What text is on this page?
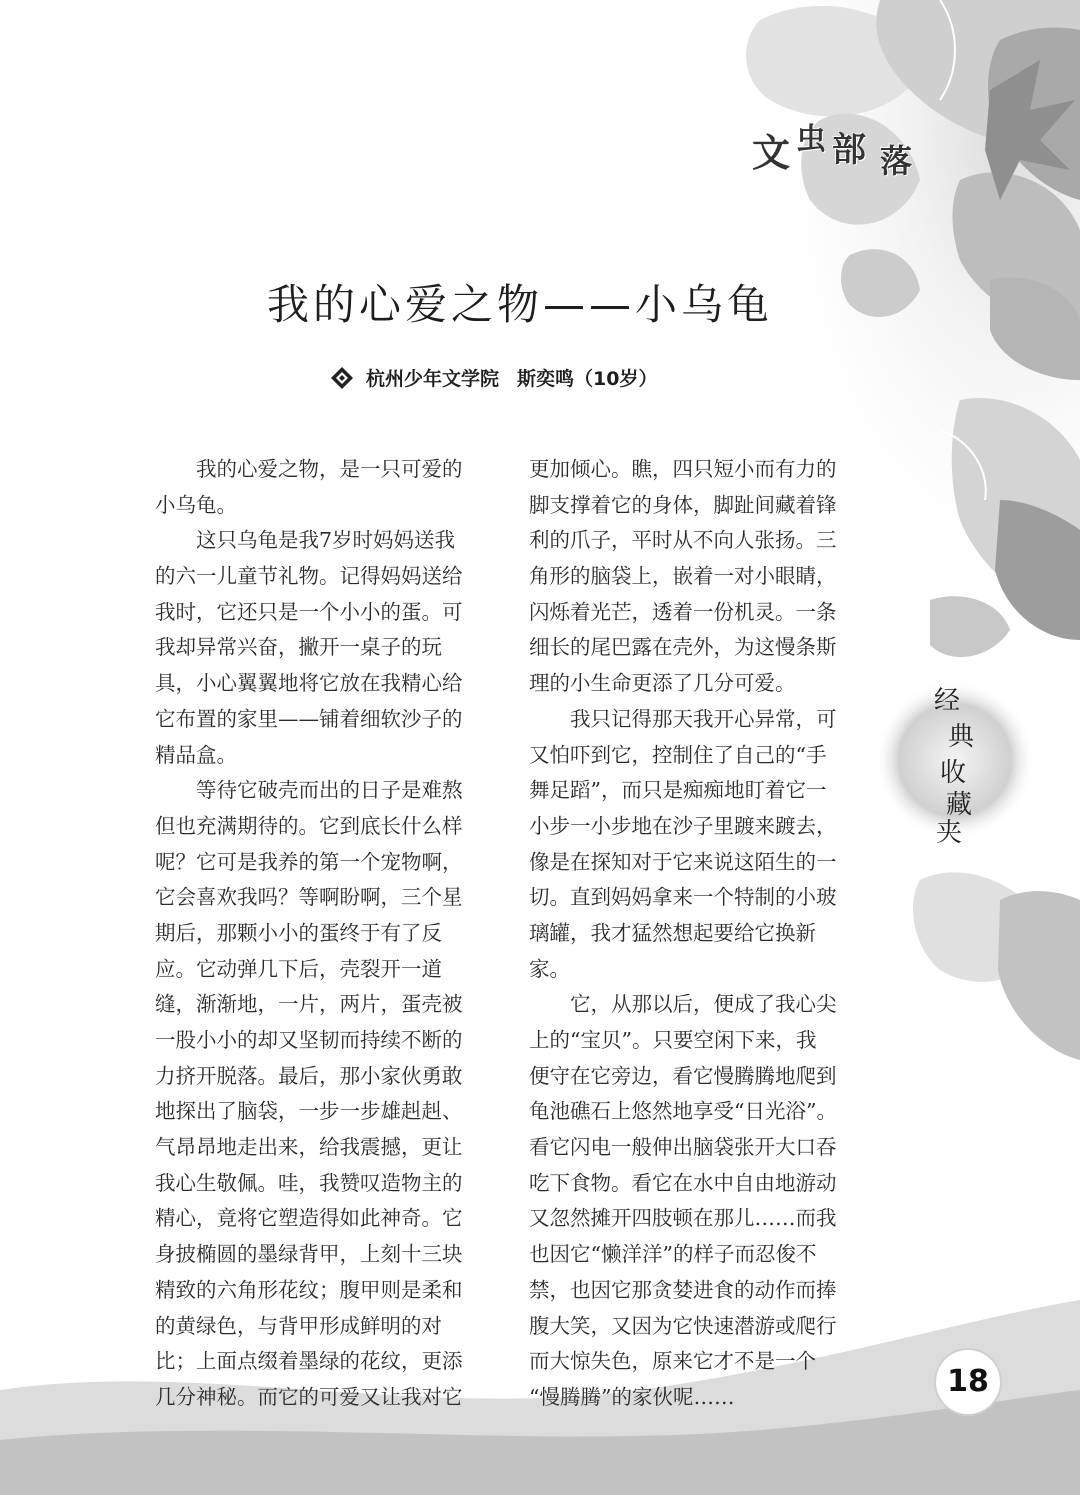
文 虫 部 落
我的心爱之物——小乌龟
杭州少年文学院 斯奕鸣（10岁）
　　我的心爱之物，是一只可爱的
小乌龟。
　　这只乌龟是我7岁时妈妈送我
的六一儿童节礼物。记得妈妈送给
我时，它还只是一个小小的蛋。可
我却异常兴奋，撇开一桌子的玩
具，小心翼翼地将它放在我精心给
它布置的家里——铺着细软沙子的
精品盒。
　　等待它破壳而出的日子是难熬
但也充满期待的。它到底长什么样
呢？它可是我养的第一个宠物啊，
它会喜欢我吗？等啊盼啊，三个星
期后，那颗小小的蛋终于有了反
应。它动弹几下后，壳裂开一道
缝，渐渐地，一片，两片，蛋壳被
一股小小的却又坚韧而持续不断的
力挤开脱落。最后，那小家伙勇敢
地探出了脑袋，一步一步雄赳赳、
气昂昂地走出来，给我震撼，更让
我心生敬佩。哇，我赞叹造物主的
精心，竟将它塑造得如此神奇。它
身披椭圆的墨绿背甲，上刻十三块
精致的六角形花纹；腹甲则是柔和
的黄绿色，与背甲形成鲜明的对
比；上面点缀着墨绿的花纹，更添
几分神秘。而它的可爱又让我对它
更加倾心。瞧，四只短小而有力的
脚支撑着它的身体，脚趾间藏着锋
利的爪子，平时从不向人张扬。三
角形的脑袋上，嵌着一对小眼睛，
闪烁着光芒，透着一份机灵。一条
细长的尾巴露在壳外，为这慢条斯
理的小生命更添了几分可爱。
　　我只记得那天我开心异常，可
又怕吓到它，控制住了自己的“手
舞足蹈”，而只是痴痴地盯着它一
小步一小步地在沙子里踱来踱去，
像是在探知对于它来说这陌生的一
切。直到妈妈拿来一个特制的小玻
璃罐，我才猛然想起要给它换新
家。
　　它，从那以后，便成了我心尖
上的“宝贝”。只要空闲下来，我
便守在它旁边，看它慢腾腾地爬到
龟池礁石上悠然地享受“日光浴”。
看它闪电一般伸出脑袋张开大口吞
吃下食物。看它在水中自由地游动
又忽然摊开四肢顿在那儿……而我
也因它“懒洋洋”的样子而忍俊不
禁，也因它那贪婪进食的动作而捧
腹大笑，又因为它快速潜游或爬行
而大惊失色，原来它才不是一个
“慢腾腾”的家伙呢……
经
典
收
藏
夹
18
